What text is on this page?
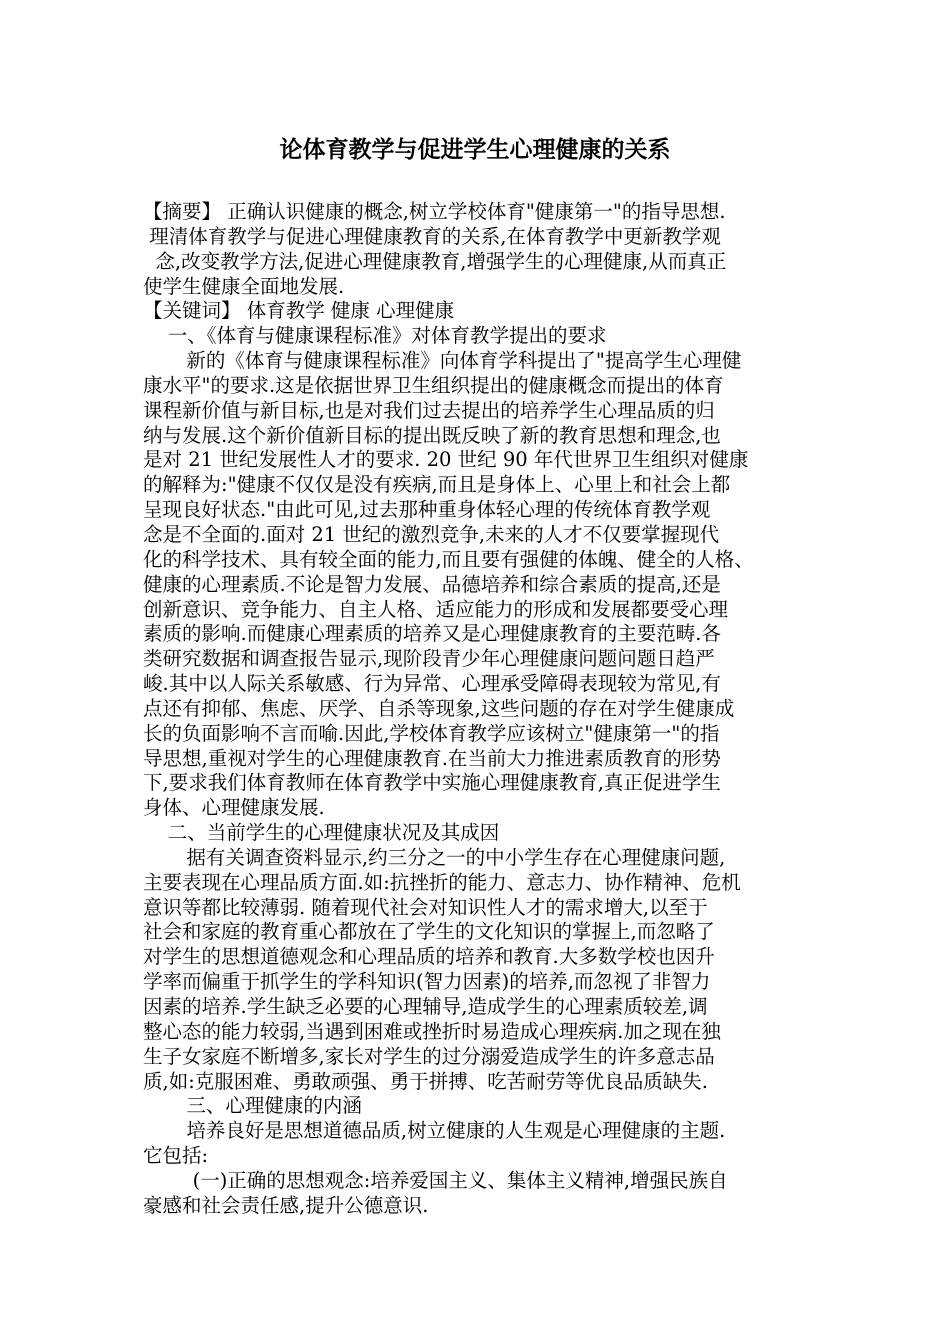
论体育教学与促进学生心理健康的关系

【摘要】 正确认识健康的概念,树立学校体育"健康第一"的指导思想.

理清体育教学与促进心理健康教育的关系,在体育教学中更新教学观

念,改变教学方法,促进心理健康教育,增强学生的心理健康,从而真正

使学生健康全面地发展.

【关键词】 体育教学 健康 心理健康

一、《体育与健康课程标准》对体育教学提出的要求

新的《体育与健康课程标准》向体育学科提出了"提高学生心理健

康水平"的要求.这是依据世界卫生组织提出的健康概念而提出的体育

课程新价值与新目标,也是对我们过去提出的培养学生心理品质的归

纳与发展.这个新价值新目标的提出既反映了新的教育思想和理念,也

是对 21 世纪发展性人才的要求. 20 世纪 90 年代世界卫生组织对健康

的解释为:"健康不仅仅是没有疾病,而且是身体上、心里上和社会上都

呈现良好状态."由此可见,过去那种重身体轻心理的传统体育教学观

念是不全面的.面对 21 世纪的激烈竞争,未来的人才不仅要掌握现代

化的科学技术、具有较全面的能力,而且要有强健的体魄、健全的人格、

健康的心理素质.不论是智力发展、品德培养和综合素质的提高,还是

创新意识、竞争能力、自主人格、适应能力的形成和发展都要受心理

素质的影响.而健康心理素质的培养又是心理健康教育的主要范畴.各

类研究数据和调查报告显示,现阶段青少年心理健康问题问题日趋严

峻.其中以人际关系敏感、行为异常、心理承受障碍表现较为常见,有

点还有抑郁、焦虑、厌学、自杀等现象,这些问题的存在对学生健康成

长的负面影响不言而喻.因此,学校体育教学应该树立"健康第一"的指

导思想,重视对学生的心理健康教育.在当前大力推进素质教育的形势

下,要求我们体育教师在体育教学中实施心理健康教育,真正促进学生

身体、心理健康发展.

二、当前学生的心理健康状况及其成因

据有关调查资料显示,约三分之一的中小学生存在心理健康问题,

主要表现在心理品质方面.如:抗挫折的能力、意志力、协作精神、危机

意识等都比较薄弱. 随着现代社会对知识性人才的需求增大,以至于

社会和家庭的教育重心都放在了学生的文化知识的掌握上,而忽略了

对学生的思想道德观念和心理品质的培养和教育.大多数学校也因升

学率而偏重于抓学生的学科知识(智力因素)的培养,而忽视了非智力

因素的培养.学生缺乏必要的心理辅导,造成学生的心理素质较差,调

整心态的能力较弱,当遇到困难或挫折时易造成心理疾病.加之现在独

生子女家庭不断增多,家长对学生的过分溺爱造成学生的许多意志品

质,如:克服困难、勇敢顽强、勇于拼搏、吃苦耐劳等优良品质缺失.

三、心理健康的内涵

培养良好是思想道德品质,树立健康的人生观是心理健康的主题.

它包括:

(一)正确的思想观念:培养爱国主义、集体主义精神,增强民族自

豪感和社会责任感,提升公德意识.
